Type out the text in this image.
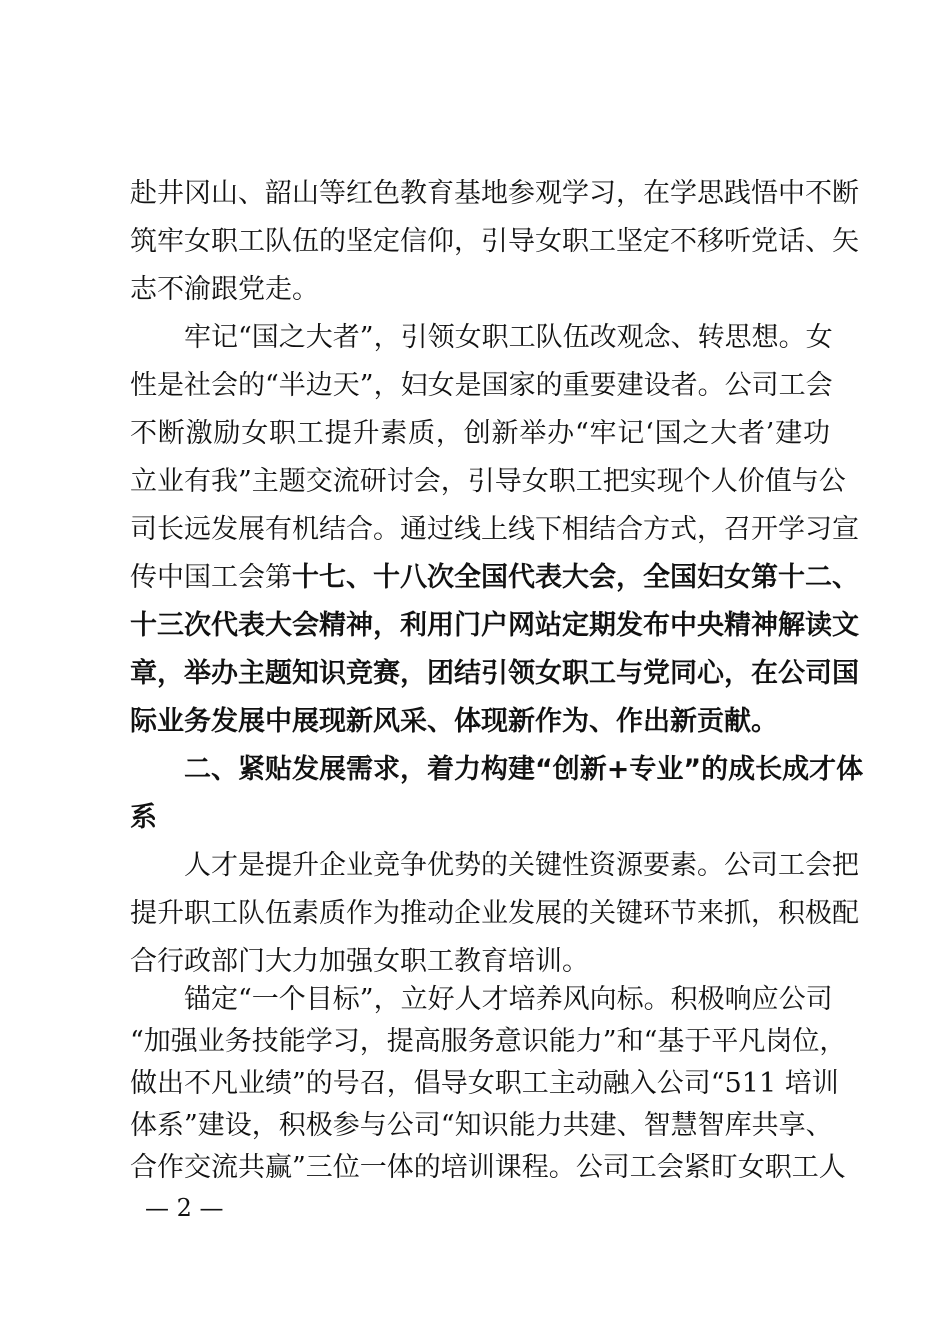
赴井冈山、韶山等红色教育基地参观学习，在学思践悟中不断
筑牢女职工队伍的坚定信仰，引导女职工坚定不移听党话、矢
志不渝跟党走。
牢记“国之大者”，引领女职工队伍改观念、转思想。女
性是社会的“半边天”，妇女是国家的重要建设者。公司工会
不断激励女职工提升素质，创新举办“牢记‘国之大者’建功
立业有我”主题交流研讨会，引导女职工把实现个人价值与公
司长远发展有机结合。通过线上线下相结合方式，召开学习宣
传中国工会第 十七、十八次全国代表大会，全国妇女第十二、
十三次代表大会精神，利用门户网站定期发布中央精神解读文
章，举办主题知识竞赛，团结引领女职工与党同心，在公司国
际业务发展中展现新风采、体现新作为、作出新贡献。
二、紧贴发展需求，着力构建“创新+专业”的成长成才体
系
人才是提升企业竞争优势的关键性资源要素。公司工会把
提升职工队伍素质作为推动企业发展的关键环节来抓，积极配
合行政部门大力加强女职工教育培训。
锚定“一个目标”，立好人才培养风向标。积极响应公司
“加强业务技能学习，提高服务意识能力”和“基于平凡岗位，
做出不凡业绩”的号召，倡导女职工主动融入公司“511 培训
体系”建设，积极参与公司“知识能力共建、智慧智库共享、
合作交流共赢”三位一体的培训课程。公司工会紧盯女职工人
— 2 —
